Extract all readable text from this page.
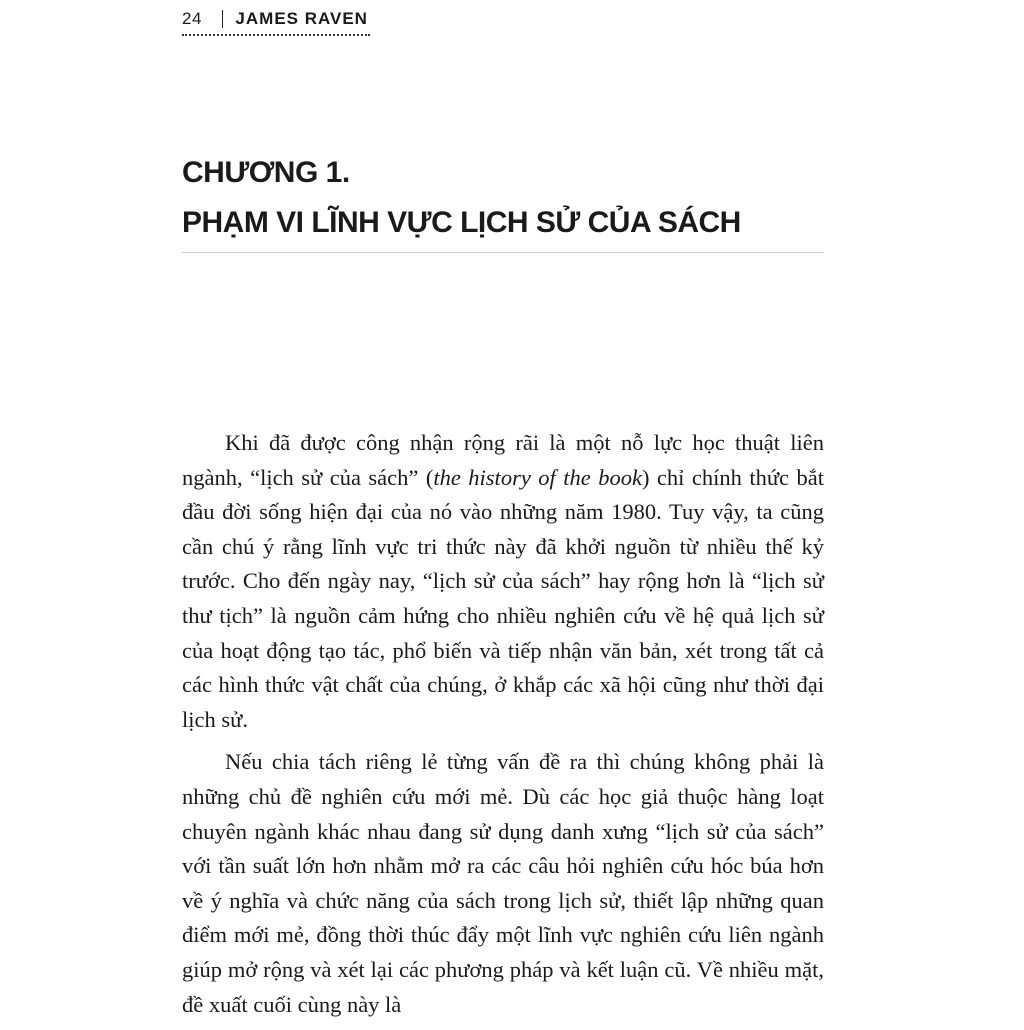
24 JAMES RAVEN
CHƯƠNG 1.
PHẠM VI LĨNH VỰC LỊCH SỬ CỦA SÁCH

Khi đã được công nhận rộng rãi là một nỗ lực học thuật liên ngành, “lịch sử của sách” (the history of the book) chỉ chính thức bắt đầu đời sống hiện đại của nó vào những năm 1980. Tuy vậy, ta cũng cần chú ý rằng lĩnh vực tri thức này đã khởi nguồn từ nhiều thế kỷ trước. Cho đến ngày nay, “lịch sử của sách” hay rộng hơn là “lịch sử thư tịch” là nguồn cảm hứng cho nhiều nghiên cứu về hệ quả lịch sử của hoạt động tạo tác, phổ biến và tiếp nhận văn bản, xét trong tất cả các hình thức vật chất của chúng, ở khắp các xã hội cũng như thời đại lịch sử.

Nếu chia tách riêng lẻ từng vấn đề ra thì chúng không phải là những chủ đề nghiên cứu mới mẻ. Dù các học giả thuộc hàng loạt chuyên ngành khác nhau đang sử dụng danh xưng “lịch sử của sách” với tần suất lớn hơn nhằm mở ra các câu hỏi nghiên cứu hóc búa hơn về ý nghĩa và chức năng của sách trong lịch sử, thiết lập những quan điểm mới mẻ, đồng thời thúc đẩy một lĩnh vực nghiên cứu liên ngành giúp mở rộng và xét lại các phương pháp và kết luận cũ. Về nhiều mặt, đề xuất cuối cùng này là
